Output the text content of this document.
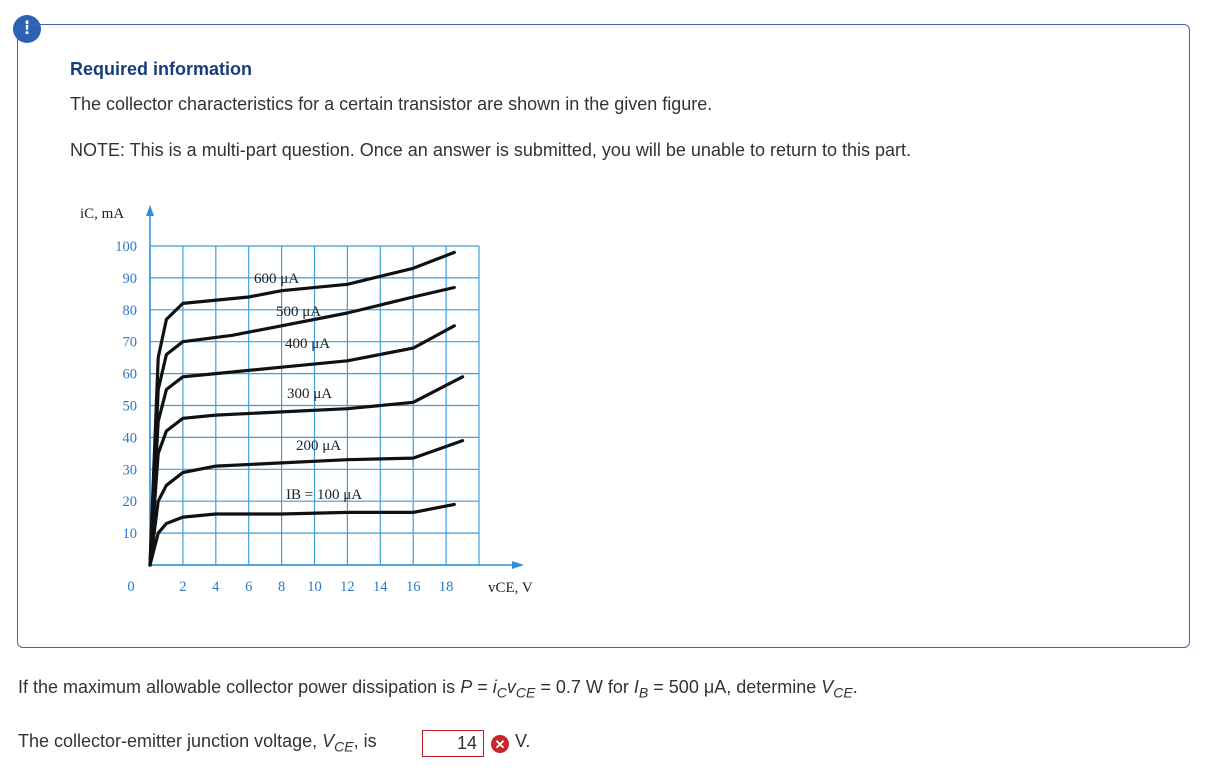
!
Required information
The collector characteristics for a certain transistor are shown in the given figure.
NOTE: This is a multi-part question. Once an answer is submitted, you will be unable to return to this part.
10
20
30
40
50
60
70
80
90
100
0	2 4 6 8 10 12 14 16 18
iC, mA
vCE, V
600 μA
500 μA
400 μA
300 μA
200 μA
IB = 100 μA
If the maximum allowable collector power dissipation is $P = i_Cv_{CE} = 0.7$ W for $I_B = 500$ μA, determine $V_{CE}$.
The collector-emitter junction voltage, $V_{CE}$, is
14	✕ V.
